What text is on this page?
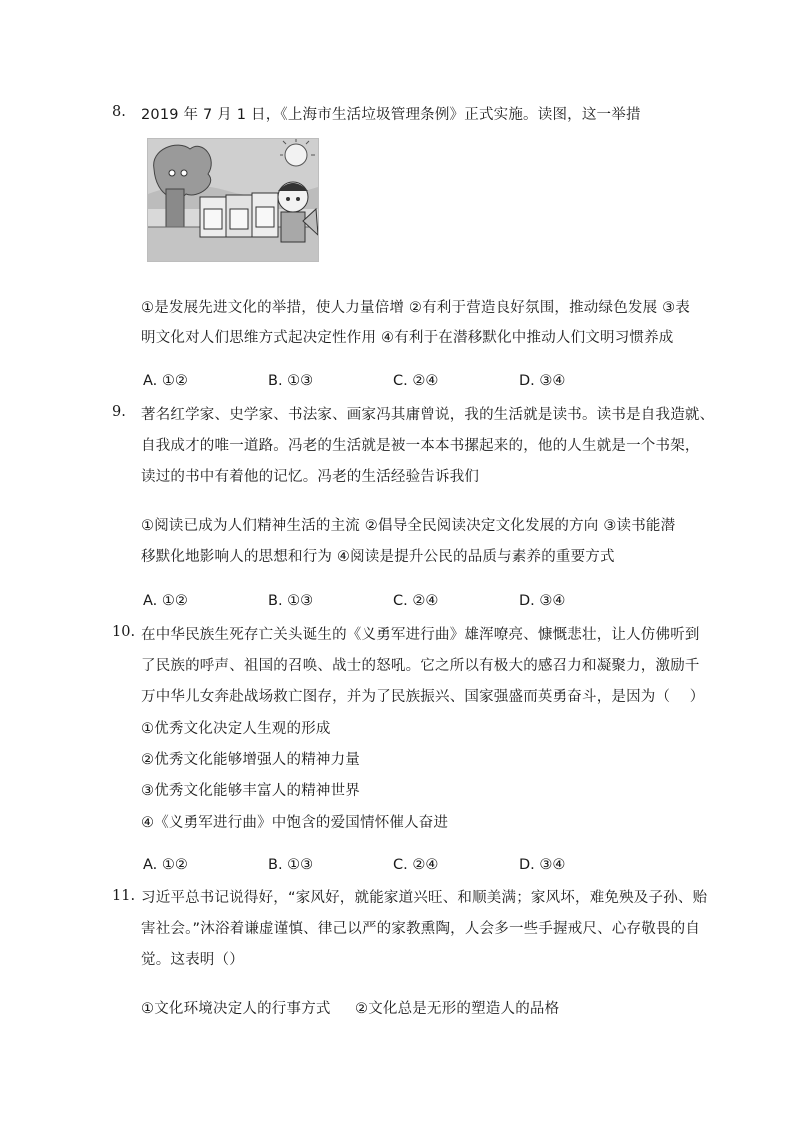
8. 2019 年 7 月 1 日，《上海市生活垃圾管理条例》正式实施。读图，这一举措
①是发展先进文化的举措，使人力量倍增 ②有利于营造良好氛围，推动绿色发展 ③表
明文化对人们思维方式起决定性作用 ④有利于在潜移默化中推动人们文明习惯养成
A. ①②	B. ①③	C. ②④	D. ③④
9. 著名红学家、史学家、书法家、画家冯其庸曾说，我的生活就是读书。读书是自我造就、
自我成才的唯一道路。冯老的生活就是被一本本书摞起来的，他的人生就是一个书架，
读过的书中有着他的记忆。冯老的生活经验告诉我们
①阅读已成为人们精神生活的主流 ②倡导全民阅读决定文化发展的方向 ③读书能潜
移默化地影响人的思想和行为 ④阅读是提升公民的品质与素养的重要方式
A. ①②	B. ①③	C. ②④	D. ③④
10. 在中华民族生死存亡关头诞生的《义勇军进行曲》雄浑嘹亮、慷慨悲壮，让人仿佛听到
了民族的呼声、祖国的召唤、战士的怒吼。它之所以有极大的感召力和凝聚力，激励千
万中华儿女奔赴战场救亡图存，并为了民族振兴、国家强盛而英勇奋斗，是因为（　 ）
①优秀文化决定人生观的形成
②优秀文化能够增强人的精神力量
③优秀文化能够丰富人的精神世界
④《义勇军进行曲》中饱含的爱国情怀催人奋进
A. ①②	B. ①③	C. ②④	D. ③④
11. 习近平总书记说得好，“家风好，就能家道兴旺、和顺美满；家风坏，难免殃及子孙、贻
害社会。”沐浴着谦虚谨慎、律己以严的家教熏陶，人会多一些手握戒尺、心存敬畏的自
觉。这表明（）
①文化环境决定人的行事方式 ②文化总是无形的塑造人的品格
